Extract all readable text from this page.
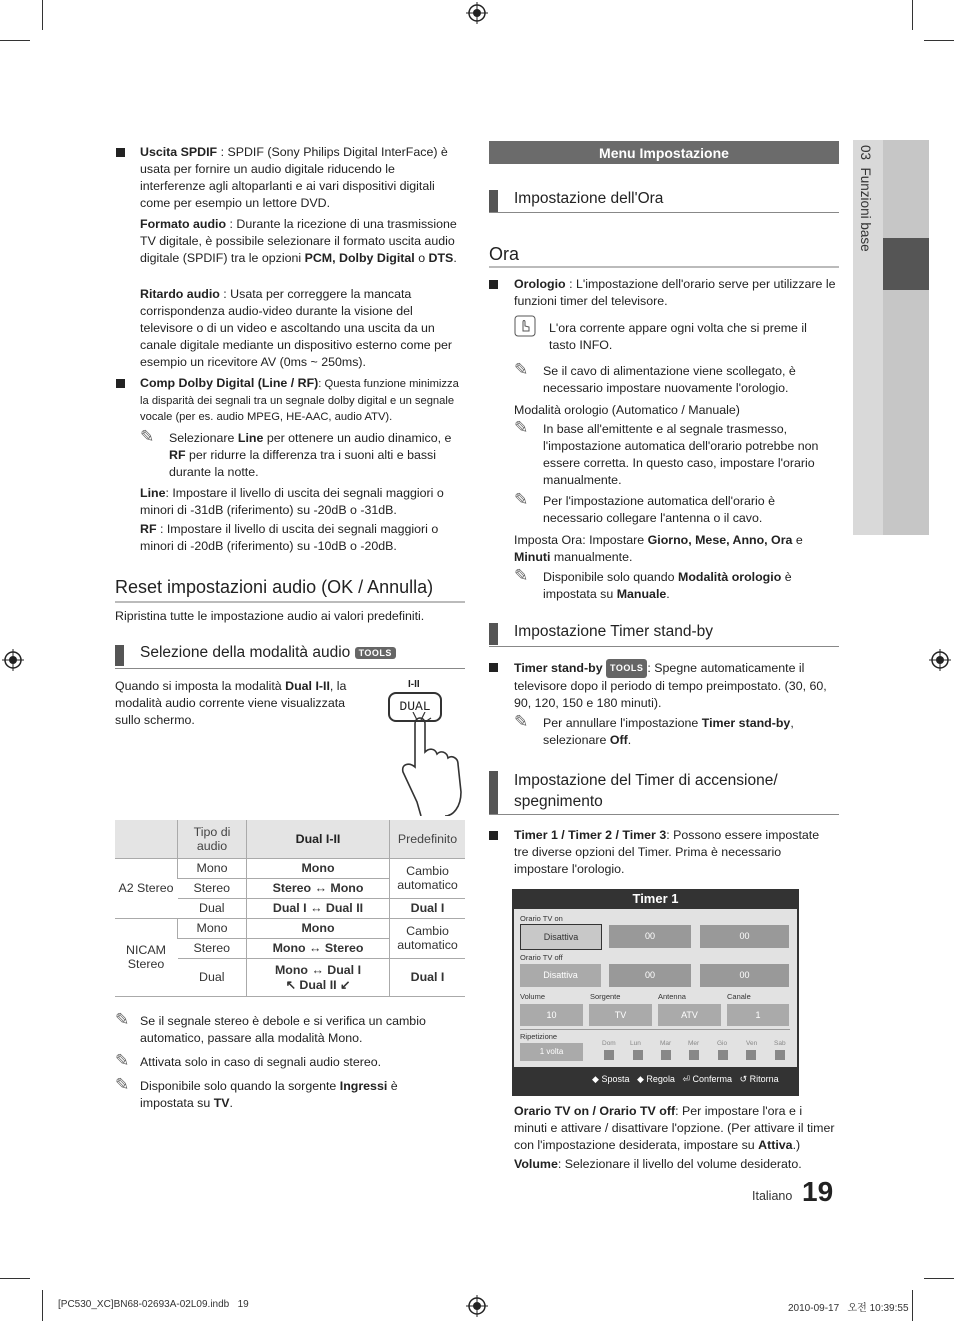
03  Funzioni base
Uscita SPDIF : SPDIF (Sony Philips Digital InterFace) è usata per fornire un audio digitale riducendo le interferenze agli altoparlanti e ai vari dispositivi digitali come per esempio un lettore DVD.
Formato audio : Durante la ricezione di una trasmissione TV digitale, è possibile selezionare il formato uscita audio digitale (SPDIF) tra le opzioni PCM, Dolby Digital o DTS.
Ritardo audio : Usata per correggere la mancata corrispondenza audio-video durante la visione del televisore o di un video e ascoltando una uscita da un canale digitale mediante un dispositivo esterno come per esempio un ricevitore AV (0ms ~ 250ms).
Comp Dolby Digital (Line / RF): Questa funzione minimizza la disparità dei segnali tra un segnale dolby digital e un segnale vocale (per es. audio MPEG, HE-AAC, audio ATV).
✎ Selezionare Line per ottenere un audio dinamico, e RF per ridurre la differenza tra i suoni alti e bassi durante la notte.
Line: Impostare il livello di uscita dei segnali maggiori o minori di -31dB (riferimento) su -20dB o -31dB.
RF : Impostare il livello di uscita dei segnali maggiori o minori di -20dB (riferimento) su -10dB o -20dB.
Reset impostazioni audio (OK / Annulla)
Ripristina tutte le impostazione audio ai valori predefiniti.
Selezione della modalità audio TOOLS
Quando si imposta la modalità Dual I-II, la modalità audio corrente viene visualizzata sullo schermo.
I-II
DUAL
	Tipo di audio	Dual I-II	Predefinito
A2 Stereo	Mono	Mono	Cambio automatico
	Stereo	Stereo ↔ Mono	
	Dual	Dual I ↔ Dual II	Dual I
NICAM Stereo	Mono	Mono	Cambio automatico
	Stereo	Mono ↔ Stereo	
	Dual	Mono ↔ Dual I
↖ Dual II ↙	Dual I
✎ Se il segnale stereo è debole e si verifica un cambio automatico, passare alla modalità Mono.
✎ Attivata solo in caso di segnali audio stereo.
✎ Disponibile solo quando la sorgente Ingressi è impostata su TV.
Menu Impostazione
Impostazione dell'Ora
Ora
Orologio : L'impostazione dell'orario serve per utilizzare le funzioni timer del televisore.
L'ora corrente appare ogni volta che si preme il tasto INFO.
✎ Se il cavo di alimentazione viene scollegato, è necessario impostare nuovamente l'orologio.
Modalità orologio (Automatico / Manuale)
✎ In base all'emittente e al segnale trasmesso, l'impostazione automatica dell'orario potrebbe non essere corretta. In questo caso, impostare l'orario manualmente.
✎ Per l'impostazione automatica dell'orario è necessario collegare l'antenna o il cavo.
Imposta Ora: Impostare Giorno, Mese, Anno, Ora e Minuti manualmente.
✎ Disponibile solo quando Modalità orologio è impostata su Manuale.
Impostazione Timer stand-by
Timer stand-by TOOLS : Spegne automaticamente il televisore dopo il periodo di tempo preimpostato. (30, 60, 90, 120, 150 e 180 minuti).
✎ Per annullare l'impostazione Timer stand-by, selezionare Off.
Impostazione del Timer di accensione/
spegnimento
Timer 1 / Timer 2 / Timer 3: Possono essere impostate tre diverse opzioni del Timer. Prima è necessario impostare l'orologio.
Timer 1
Orario TV on
Disattiva	00	00
Orario TV off
Disattiva	00	00
Volume	Sorgente	Antenna	Canale
10	TV	ATV	1
Ripetizione
1 volta
Dom Lun	Mar	Mer	Gio	Ven	Sab
◆ Sposta ◆ Regola ⏎ Conferma ↺ Ritorna
Orario TV on / Orario TV off: Per impostare l'ora e i minuti e attivare / disattivare l'opzione. (Per attivare il timer con l'impostazione desiderata, impostare su Attiva.)
Volume: Selezionare il livello del volume desiderato.
Italiano 19
[PC530_XC]BN68-02693A-02L09.indb   19	2010-09-17   오전 10:39:55
